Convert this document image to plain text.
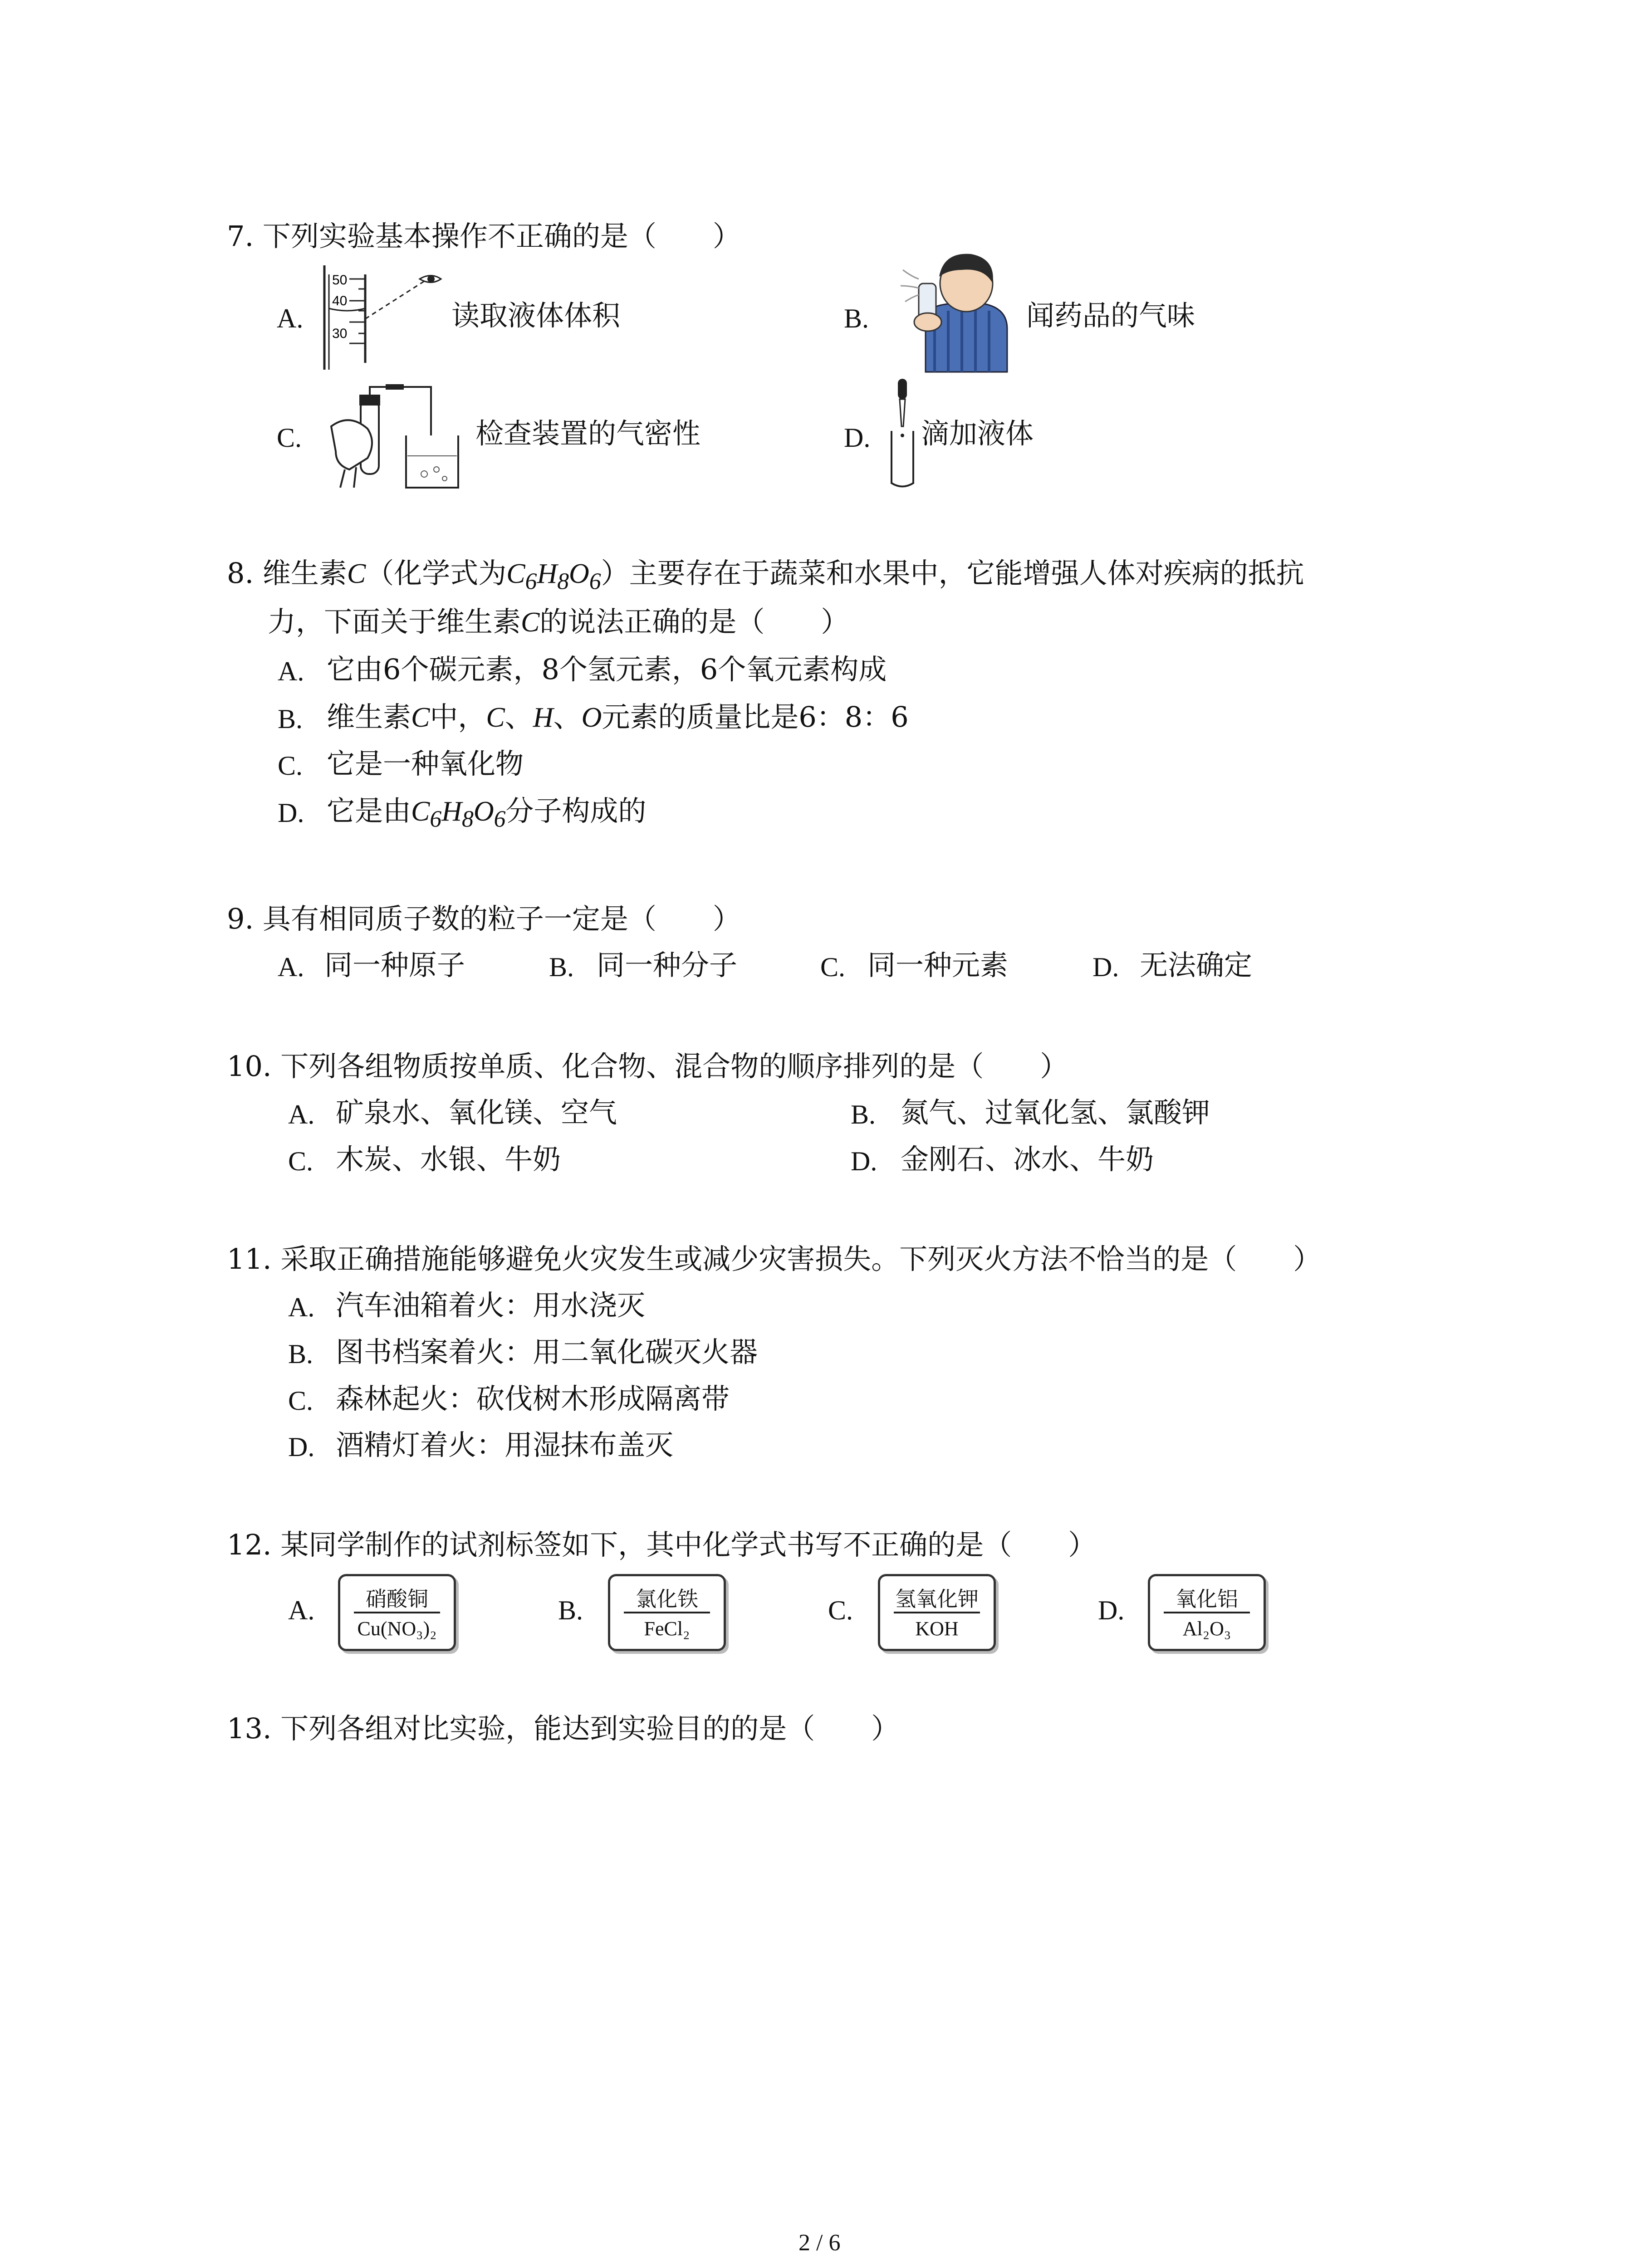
7. 下列实验基本操作不正确的是（　　）
A.
50
40
30
读取液体体积	B.	闻药品的气味
C.	检查装置的气密性	D. 滴加液体
8. 维生素C（化学式为$C_6H_8O_6$）主要存在于蔬菜和水果中，它能增强人体对疾病的抵抗
力，下面关于维生素C的说法正确的是（　　）
A. 它由6个碳元素，8个氢元素，6个氧元素构成
B. 维生素C中，C、H、O元素的质量比是6：8：6
C. 它是一种氧化物
D. 它是由$C_6H_8O_6$分子构成的
9. 具有相同质子数的粒子一定是（　　）
A. 同一种原子	B. 同一种分子	C. 同一种元素	D. 无法确定
10. 下列各组物质按单质、化合物、混合物的顺序排列的是（　　）
A. 矿泉水、氧化镁、空气	B. 氮气、过氧化氢、氯酸钾
C. 木炭、水银、牛奶	D. 金刚石、冰水、牛奶
11. 采取正确措施能够避免火灾发生或减少灾害损失。下列灭火方法不恰当的是（　　）
A. 汽车油箱着火：用水浇灭
B. 图书档案着火：用二氧化碳灭火器
C. 森林起火：砍伐树木形成隔离带
D. 酒精灯着火：用湿抹布盖灭
12. 某同学制作的试剂标签如下，其中化学式书写不正确的是（　　）
A.	硝酸铜
Cu(NO₃)₂
B.	氯化铁
FeCl₂
C.	氢氧化钾
KOH
D.	氧化铝
Al₂O₃
13. 下列各组对比实验，能达到实验目的的是（　　）
2 / 6
